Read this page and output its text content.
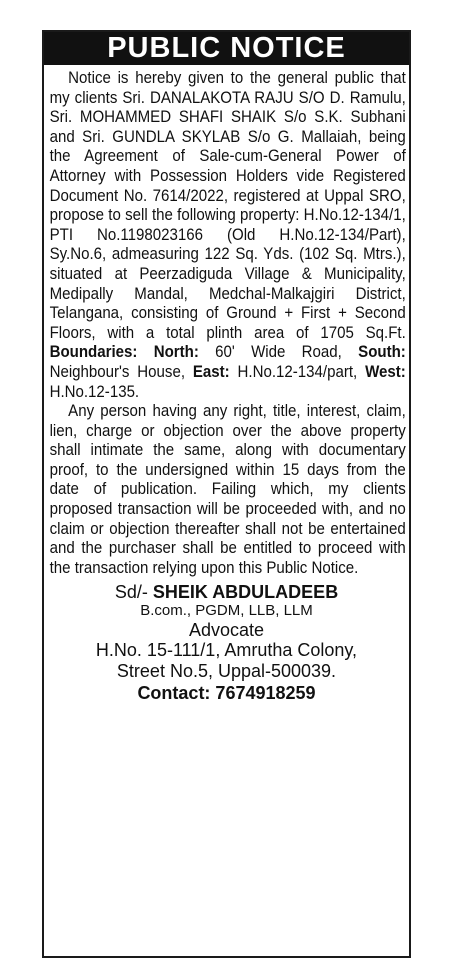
PUBLIC NOTICE

Notice is hereby given to the general public that my clients Sri. DANALAKOTA RAJU S/O D. Ramulu, Sri. MOHAMMED SHAFI SHAIK S/o S.K. Subhani and Sri. GUNDLA SKYLAB S/o G. Mallaiah, being the Agreement of Sale-cum-General Power of Attorney with Possession Holders vide Registered Document No. 7614/2022, registered at Uppal SRO, propose to sell the following property: H.No.12-134/1, PTI No.1198023166 (Old H.No.12-134/Part), Sy.No.6, admeasuring 122 Sq. Yds. (102 Sq. Mtrs.), situated at Peerzadiguda Village & Municipality, Medipally Mandal, Medchal-Malkajgiri District, Telangana, consisting of Ground + First + Second Floors, with a total plinth area of 1705 Sq.Ft. Boundaries: North: 60' Wide Road, South: Neighbour's House, East: H.No.12-134/part, West: H.No.12-135.

Any person having any right, title, interest, claim, lien, charge or objection over the above property shall intimate the same, along with documentary proof, to the undersigned within 15 days from the date of publication. Failing which, my clients proposed transaction will be proceeded with, and no claim or objection thereafter shall not be entertained and the purchaser shall be entitled to proceed with the transaction relying upon this Public Notice.

Sd/- SHEIK ABDULADEEB
B.com., PGDM, LLB, LLM
Advocate
H.No. 15-111/1, Amrutha Colony,
Street No.5, Uppal-500039.
Contact: 7674918259
